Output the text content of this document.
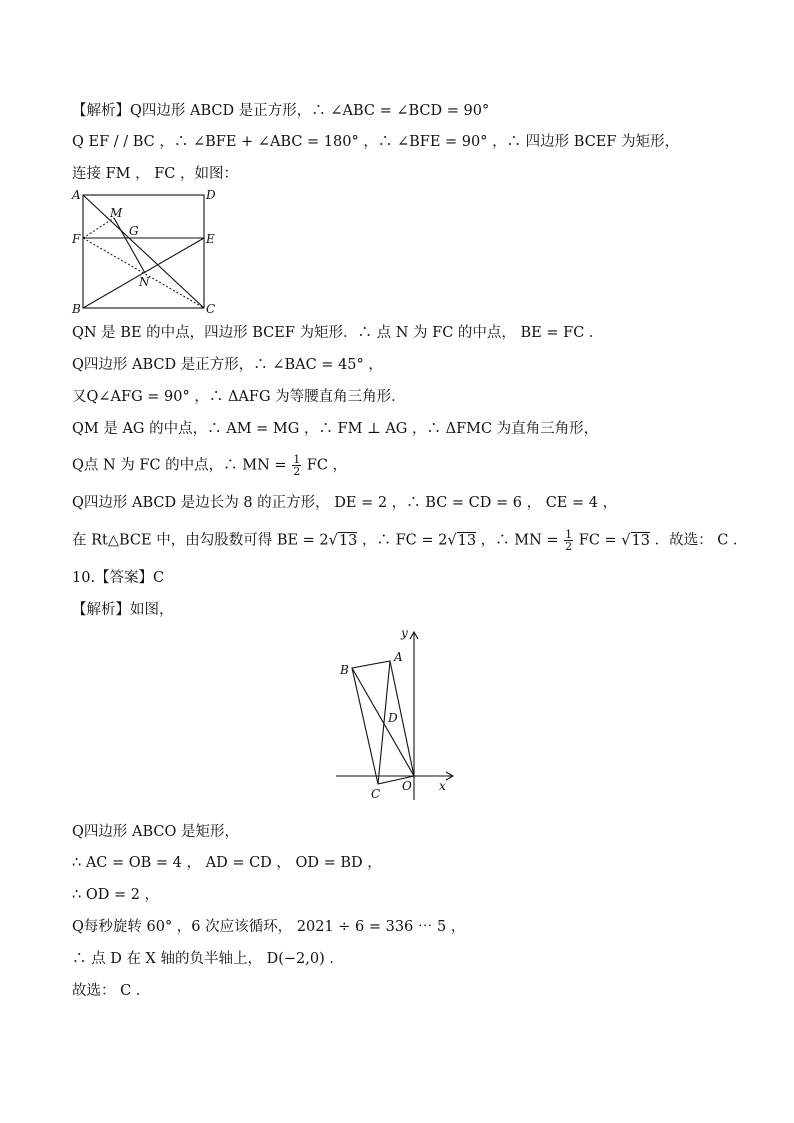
【解析】Q四边形 ABCD 是正方形，∴ ∠ABC = ∠BCD = 90°
Q EF / / BC ，∴ ∠BFE + ∠ABC = 180° ，∴ ∠BFE = 90° ，∴ 四边形 BCEF 为矩形，
连接 FM ， FC ，如图：
A	D
M
G
F	E
N
B	C
QN 是 BE 的中点，四边形 BCEF 为矩形．∴ 点 N 为 FC 的中点， BE = FC ．
Q四边形 ABCD 是正方形，∴ ∠BAC = 45° ，
又Q∠AFG = 90° ，∴ ΔAFG 为等腰直角三角形．
QM 是 AG 的中点，∴ AM = MG ，∴ FM ⊥ AG ，∴ ΔFMC 为直角三角形，
Q点 N 为 FC 的中点，∴ MN = $\frac{1}{2}$ FC ，
Q四边形 ABCD 是边长为 8 的正方形， DE = 2 ，∴ BC = CD = 6 ， CE = 4 ，
在 Rt△BCE 中，由勾股数可得 BE = 2√13 ，∴ FC = 2√13 ，∴ MN = $\frac{1}{2}$ FC = √13 ．故选： C ．
10.【答案】C
【解析】如图，
y
A
B
D
C
O x
Q四边形 ABCO 是矩形，
∴ AC = OB = 4 ， AD = CD ， OD = BD ，
∴ OD = 2 ，
Q每秒旋转 60° ，6 次应该循环， 2021 ÷ 6 = 336 ⋯ 5 ，
∴ 点 D 在 X 轴的负半轴上， D(−2,0) ．
故选： C ．
